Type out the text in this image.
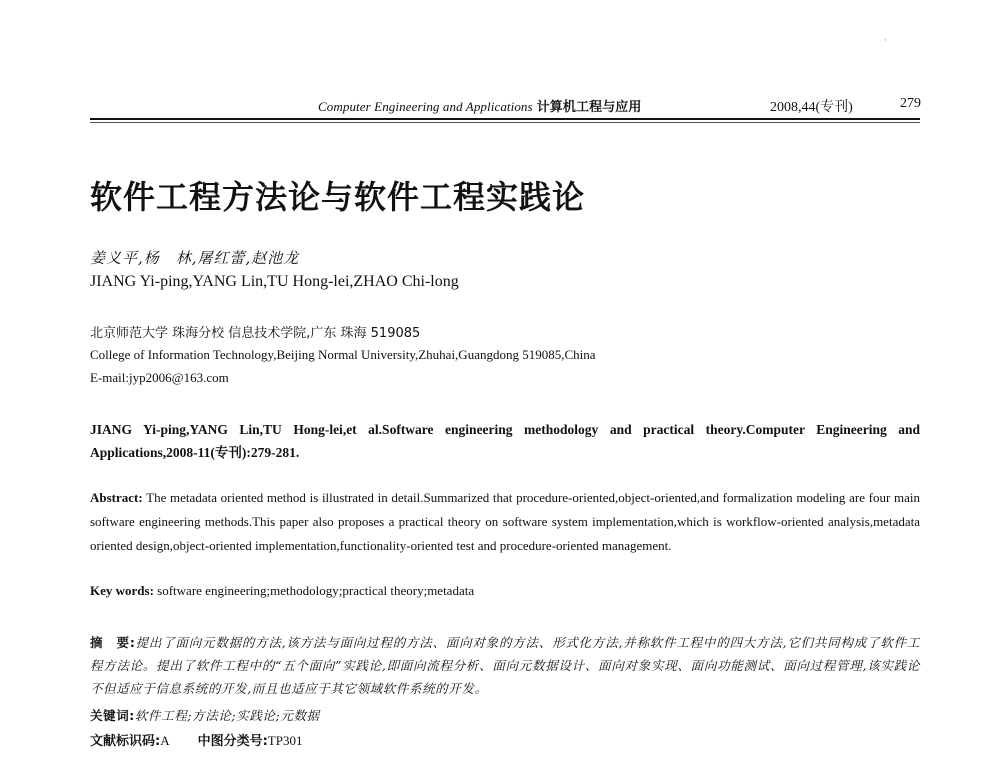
·
Computer Engineering and Applications 计算机工程与应用	2008,44(专刊)	279
软件工程方法论与软件工程实践论
姜义平,杨　林,屠红蕾,赵池龙
JIANG Yi-ping,YANG Lin,TU Hong-lei,ZHAO Chi-long
北京师范大学 珠海分校 信息技术学院,广东 珠海 519085
College of Information Technology,Beijing Normal University,Zhuhai,Guangdong 519085,China
E-mail:jyp2006@163.com
JIANG Yi-ping,YANG Lin,TU Hong-lei,et al.Software engineering methodology and practical theory.Computer Engineering and Applications,2008-11(专刊):279-281.
Abstract: The metadata oriented method is illustrated in detail.Summarized that procedure-oriented,object-oriented,and formalization modeling are four main software engineering methods.This paper also proposes a practical theory on software system implementation,which is workflow-oriented analysis,metadata oriented design,object-oriented implementation,functionality-oriented test and procedure-oriented management.
Key words: software engineering;methodology;practical theory;metadata
摘　要:提出了面向元数据的方法,该方法与面向过程的方法、面向对象的方法、形式化方法,并称软件工程中的四大方法,它们共同构成了软件工程方法论。提出了软件工程中的“五个面向”实践论,即面向流程分析、面向元数据设计、面向对象实现、面向功能测试、面向过程管理,该实践论不但适应于信息系统的开发,而且也适应于其它领域软件系统的开发。
关键词:软件工程;方法论;实践论;元数据
文献标识码:A 中图分类号:TP301
